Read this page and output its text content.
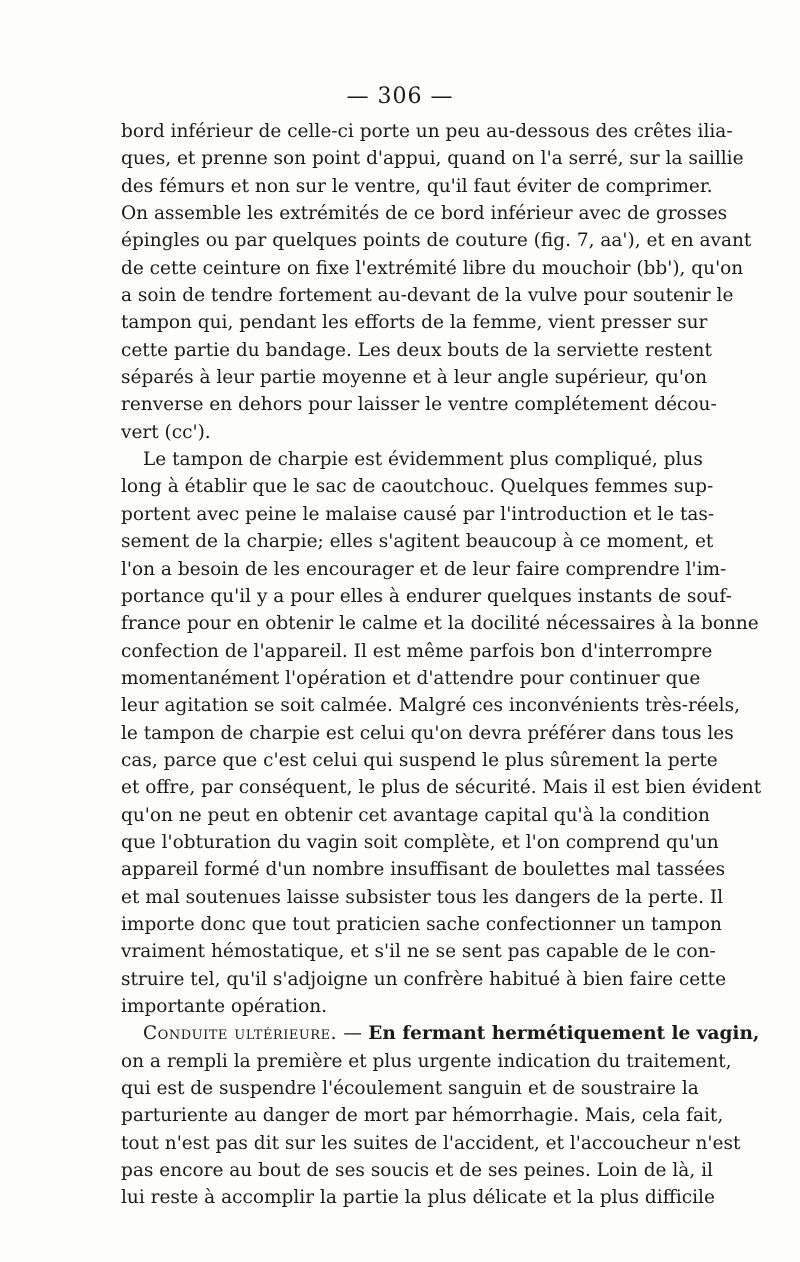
— 306 —
bord inférieur de celle-ci porte un peu au-dessous des crêtes ilia-
ques, et prenne son point d'appui, quand on l'a serré, sur la saillie
des fémurs et non sur le ventre, qu'il faut éviter de comprimer.
On assemble les extrémités de ce bord inférieur avec de grosses
épingles ou par quelques points de couture (fig. 7, aa'), et en avant
de cette ceinture on fixe l'extrémité libre du mouchoir (bb'), qu'on
a soin de tendre fortement au-devant de la vulve pour soutenir le
tampon qui, pendant les efforts de la femme, vient presser sur
cette partie du bandage. Les deux bouts de la serviette restent
séparés à leur partie moyenne et à leur angle supérieur, qu'on
renverse en dehors pour laisser le ventre complétement décou-
vert (cc').
Le tampon de charpie est évidemment plus compliqué, plus
long à établir que le sac de caoutchouc. Quelques femmes sup-
portent avec peine le malaise causé par l'introduction et le tas-
sement de la charpie; elles s'agitent beaucoup à ce moment, et
l'on a besoin de les encourager et de leur faire comprendre l'im-
portance qu'il y a pour elles à endurer quelques instants de souf-
france pour en obtenir le calme et la docilité nécessaires à la bonne
confection de l'appareil. Il est même parfois bon d'interrompre
momentanément l'opération et d'attendre pour continuer que
leur agitation se soit calmée. Malgré ces inconvénients très-réels,
le tampon de charpie est celui qu'on devra préférer dans tous les
cas, parce que c'est celui qui suspend le plus sûrement la perte
et offre, par conséquent, le plus de sécurité. Mais il est bien évident
qu'on ne peut en obtenir cet avantage capital qu'à la condition
que l'obturation du vagin soit complète, et l'on comprend qu'un
appareil formé d'un nombre insuffisant de boulettes mal tassées
et mal soutenues laisse subsister tous les dangers de la perte. Il
importe donc que tout praticien sache confectionner un tampon
vraiment hémostatique, et s'il ne se sent pas capable de le con-
struire tel, qu'il s'adjoigne un confrère habitué à bien faire cette
importante opération.
Conduite ultérieure. — En fermant hermétiquement le vagin,
on a rempli la première et plus urgente indication du traitement,
qui est de suspendre l'écoulement sanguin et de soustraire la
parturiente au danger de mort par hémorrhagie. Mais, cela fait,
tout n'est pas dit sur les suites de l'accident, et l'accoucheur n'est
pas encore au bout de ses soucis et de ses peines. Loin de là, il
lui reste à accomplir la partie la plus délicate et la plus difficile
